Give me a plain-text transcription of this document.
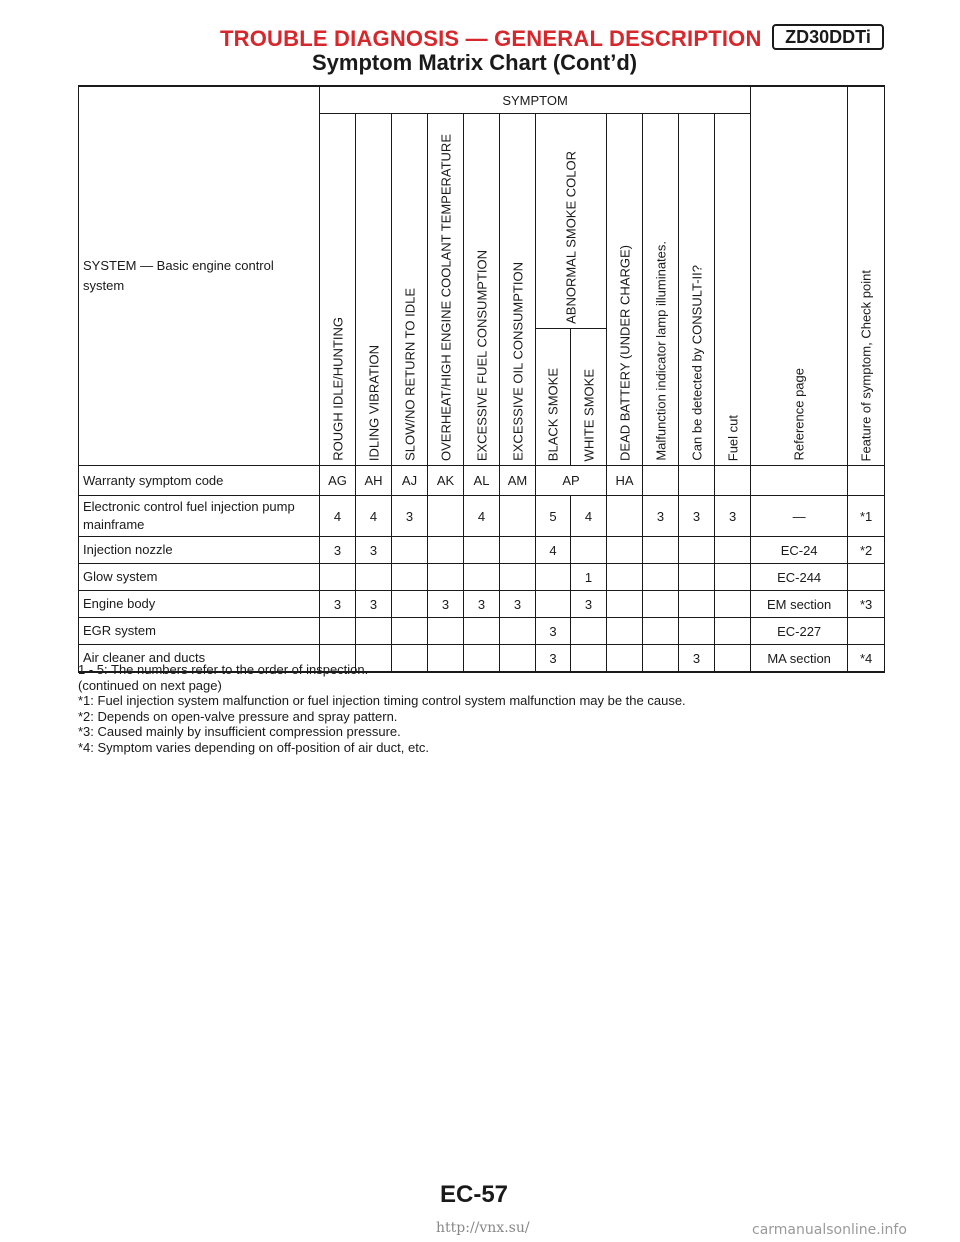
TROUBLE DIAGNOSIS — GENERAL DESCRIPTION	ZD30DDTi
Symptom Matrix Chart (Cont’d)
SYSTEM — Basic engine control system	SYMPTOM												Reference page	Feature of symptom, Check point

	ROUGH IDLE/HUNTING	IDLING VIBRATION	SLOW/NO RETURN TO IDLE	OVERHEAT/HIGH ENGINE COOLANT TEMPERATURE	EXCESSIVE FUEL CONSUMPTION	EXCESSIVE OIL CONSUMPTION	ABNORMAL SMOKE COLOR		DEAD BATTERY (UNDER CHARGE)	Malfunction indicator lamp illuminates.	Can be detected by CONSULT-II?	Fuel cut		

							BLACK SMOKE	WHITE SMOKE						

Warranty symptom code	AG	AH	AJ	AK	AL	AM	AP		HA					
Electronic control fuel injection pump mainframe	4	4	3		4		5	4		3	3	3	—	*1
Injection nozzle	3	3					4						EC-24	*2
Glow system								1					EC-244	
Engine body	3	3		3	3	3		3					EM section	*3
EGR system							3						EC-227	
Air cleaner and ducts							3				3		MA section	*4
1 - 5: The numbers refer to the order of inspection.
(continued on next page)
*1: Fuel injection system malfunction or fuel injection timing control system malfunction may be the cause.
*2: Depends on open-valve pressure and spray pattern.
*3: Caused mainly by insufficient compression pressure.
*4: Symptom varies depending on off-position of air duct, etc.
EC-57
http://vnx.su/	carmanualsonline.info
